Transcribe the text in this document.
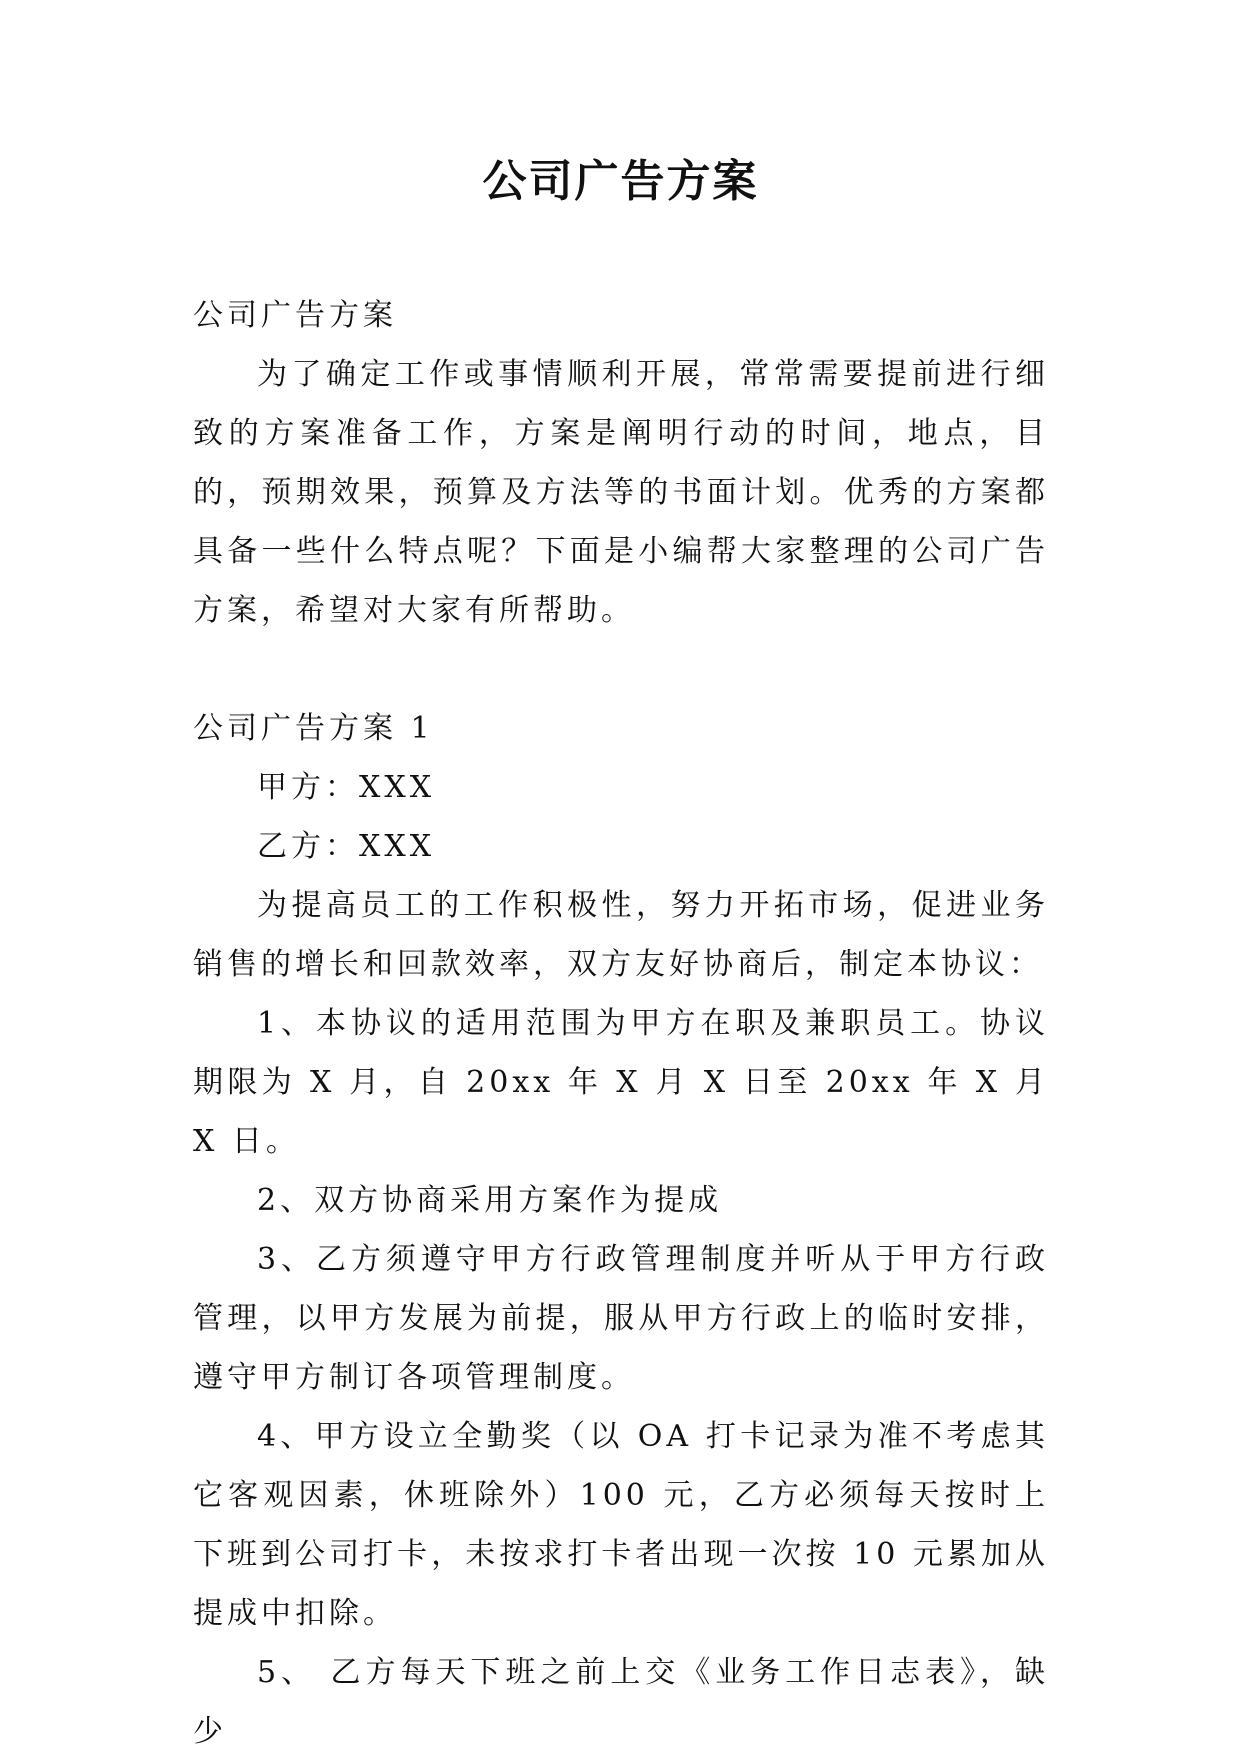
公司广告方案

公司广告方案

为了确定工作或事情顺利开展，常常需要提前进行细致的方案准备工作，方案是阐明行动的时间，地点，目的，预期效果，预算及方法等的书面计划。优秀的方案都具备一些什么特点呢？下面是小编帮大家整理的公司广告方案，希望对大家有所帮助。

公司广告方案 1

甲方：XXX

乙方：XXX

为提高员工的工作积极性，努力开拓市场，促进业务销售的增长和回款效率，双方友好协商后，制定本协议：

1、本协议的适用范围为甲方在职及兼职员工。协议期限为 X 月，自 20xx 年 X 月 X 日至 20xx 年 X 月 X 日。

2、双方协商采用方案作为提成

3、乙方须遵守甲方行政管理制度并听从于甲方行政管理，以甲方发展为前提，服从甲方行政上的临时安排，遵守甲方制订各项管理制度。

4、甲方设立全勤奖（以 OA 打卡记录为准不考虑其它客观因素，休班除外）100 元，乙方必须每天按时上下班到公司打卡，未按求打卡者出现一次按 10 元累加从提成中扣除。

5、 乙方每天下班之前上交《业务工作日志表》，缺少
